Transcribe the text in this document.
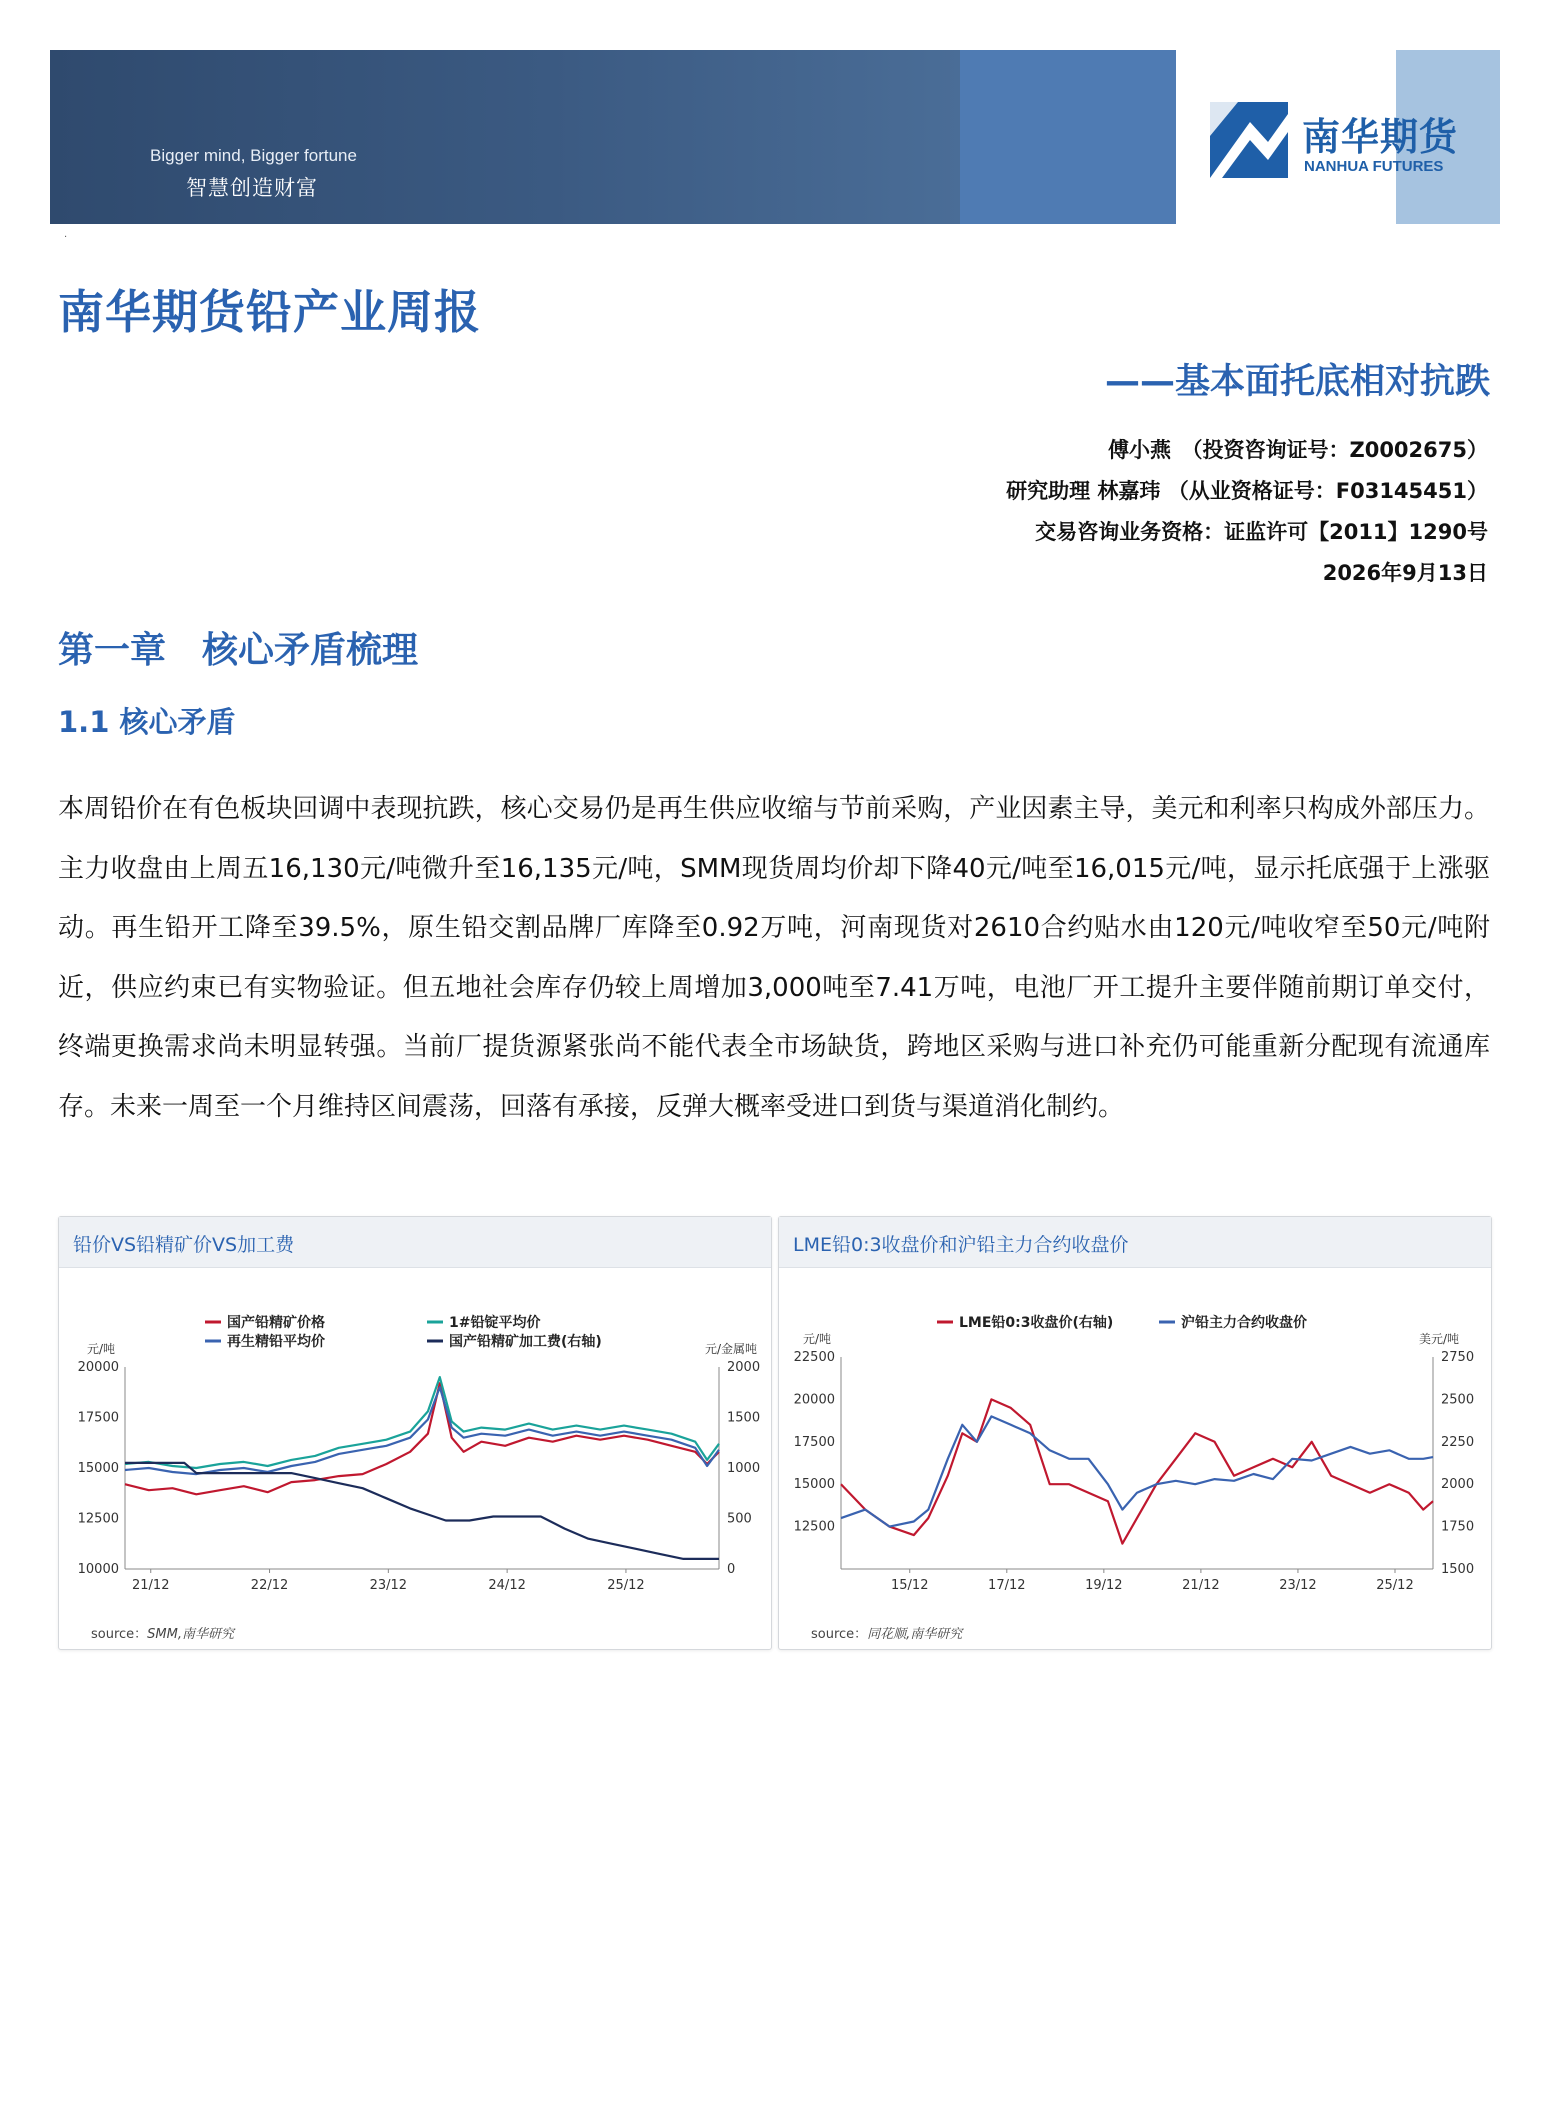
Bigger mind, Bigger fortune
智慧创造财富
南华期货
NANHUA FUTURES
·
南华期货铅产业周报
——基本面托底相对抗跌
傅小燕　（投资咨询证号：Z0002675）
研究助理 林嘉玮 （从业资格证号：F03145451）
交易咨询业务资格：证监许可【2011】1290号
2026年9月13日
第一章　核心矛盾梳理
1.1 核心矛盾
本周铅价在有色板块回调中表现抗跌，核心交易仍是再生供应收缩与节前采购，产业因素主导，美元和利率只构成外部压力。主力收盘由上周五16,130元/吨微升至16,135元/吨，SMM现货周均价却下降40元/吨至16,015元/吨，显示托底强于上涨驱动。再生铅开工降至39.5%，原生铅交割品牌厂库降至0.92万吨，河南现货对2610合约贴水由120元/吨收窄至50元/吨附近，供应约束已有实物验证。但五地社会库存仍较上周增加3,000吨至7.41万吨，电池厂开工提升主要伴随前期订单交付，终端更换需求尚未明显转强。当前厂提货源紧张尚不能代表全市场缺货，跨地区采购与进口补充仍可能重新分配现有流通库存。未来一周至一个月维持区间震荡，回落有承接，反弹大概率受进口到货与渠道消化制约。
铅价VS铅精矿价VS加工费
元/吨	元/金属吨
10000
12500
15000
17500
20000
0
500
1000
1500
2000
21/12	22/12	23/12	24/12	25/12
国产铅精矿价格	1#铅锭平均价
再生精铅平均价	国产铅精矿加工费(右轴)
source：SMM,南华研究
LME铅0:3收盘价和沪铅主力合约收盘价
元/吨	美元/吨
12500
15000
17500
20000
22500
1500
1750
2000
2250
2500
2750
15/12	17/12	19/12	21/12	23/12	25/12
LME铅0:3收盘价(右轴)	沪铅主力合约收盘价
source：同花顺,南华研究
